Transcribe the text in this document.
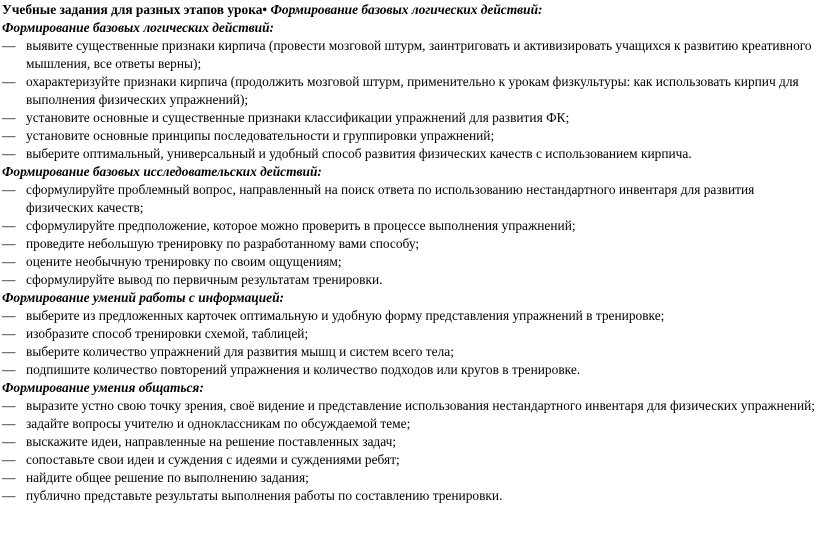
Учебные задания для разных этапов урока• Формирование базовых логических действий:
Формирование базовых логических действий:
— выявите существенные признаки кирпича (провести мозговой штурм, заинтриговать и активизировать учащихся к развитию креативного мышления, все ответы верны);
— охарактеризуйте признаки кирпича (продолжить мозговой штурм, применительно к урокам физкультуры: как использовать кирпич для выполнения физических упражнений);
— установите основные и существенные признаки классификации упражнений для развития ФК;
— установите основные принципы последовательности и группировки упражнений;
— выберите оптимальный, универсальный и удобный способ развития физических качеств с использованием кирпича.
Формирование базовых исследовательских действий:
— сформулируйте проблемный вопрос, направленный на поиск ответа по использованию нестандартного инвентаря для развития физических качеств;
— сформулируйте предположение, которое можно проверить в процессе выполнения упражнений;
— проведите небольшую тренировку по разработанному вами способу;
— оцените необычную тренировку по своим ощущениям;
— сформулируйте вывод по первичным результатам тренировки.
Формирование умений работы с информацией:
— выберите из предложенных карточек оптимальную и удобную форму представления упражнений в тренировке;
— изобразите способ тренировки схемой, таблицей;
— выберите количество упражнений для развития мышц и систем всего тела;
— подпишите количество повторений упражнения и количество подходов или кругов в тренировке.
Формирование умения общаться:
— выразите устно свою точку зрения, своё видение и представление использования нестандартного инвентаря для физических упражнений;
— задайте вопросы учителю и одноклассникам по обсуждаемой теме;
— выскажите идеи, направленные на решение поставленных задач;
— сопоставьте свои идеи и суждения с идеями и суждениями ребят;
— найдите общее решение по выполнению задания;
— публично представьте результаты выполнения работы по составлению тренировки.
